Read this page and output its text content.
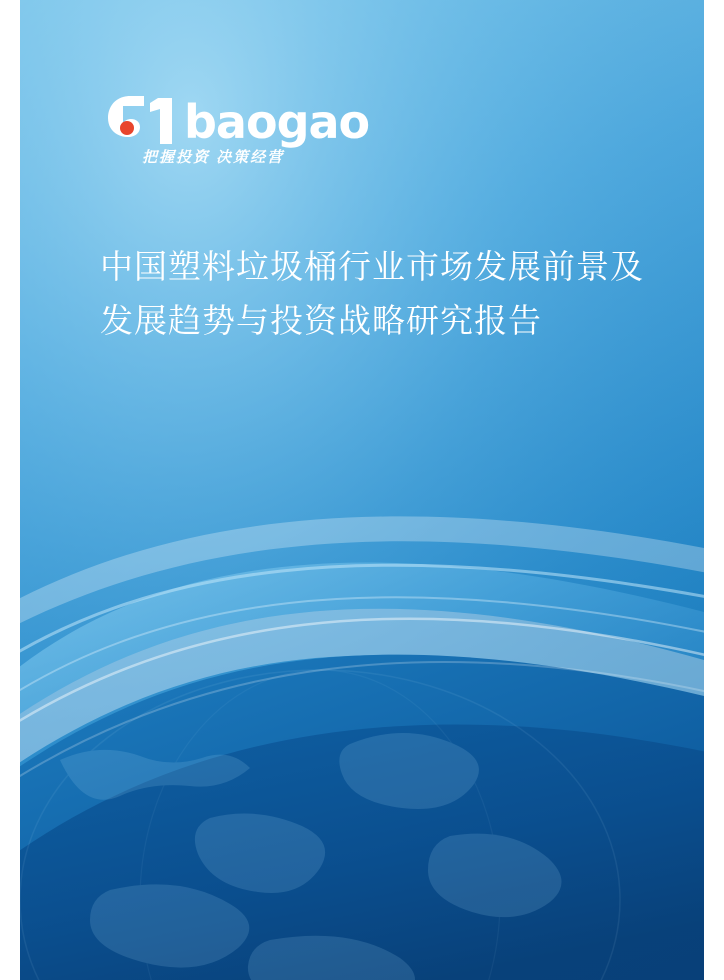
baogao
把握投资 决策经营
中国塑料垃圾桶行业市场发展前景及
发展趋势与投资战略研究报告
